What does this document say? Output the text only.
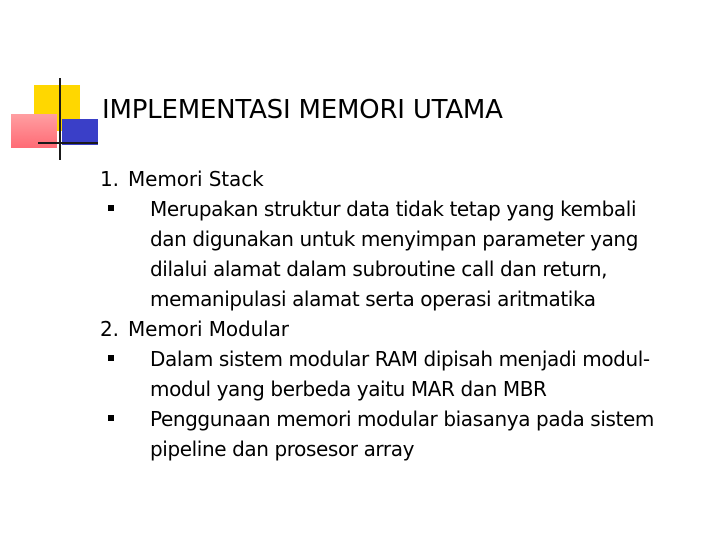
IMPLEMENTASI MEMORI UTAMA
1. Memori Stack
Merupakan struktur data tidak tetap yang kembali
dan digunakan untuk menyimpan parameter yang
dilalui alamat dalam subroutine call dan return,
memanipulasi alamat serta operasi aritmatika
2. Memori Modular
Dalam sistem modular RAM dipisah menjadi modul-
modul yang berbeda yaitu MAR dan MBR
Penggunaan memori modular biasanya pada sistem
pipeline dan prosesor array
